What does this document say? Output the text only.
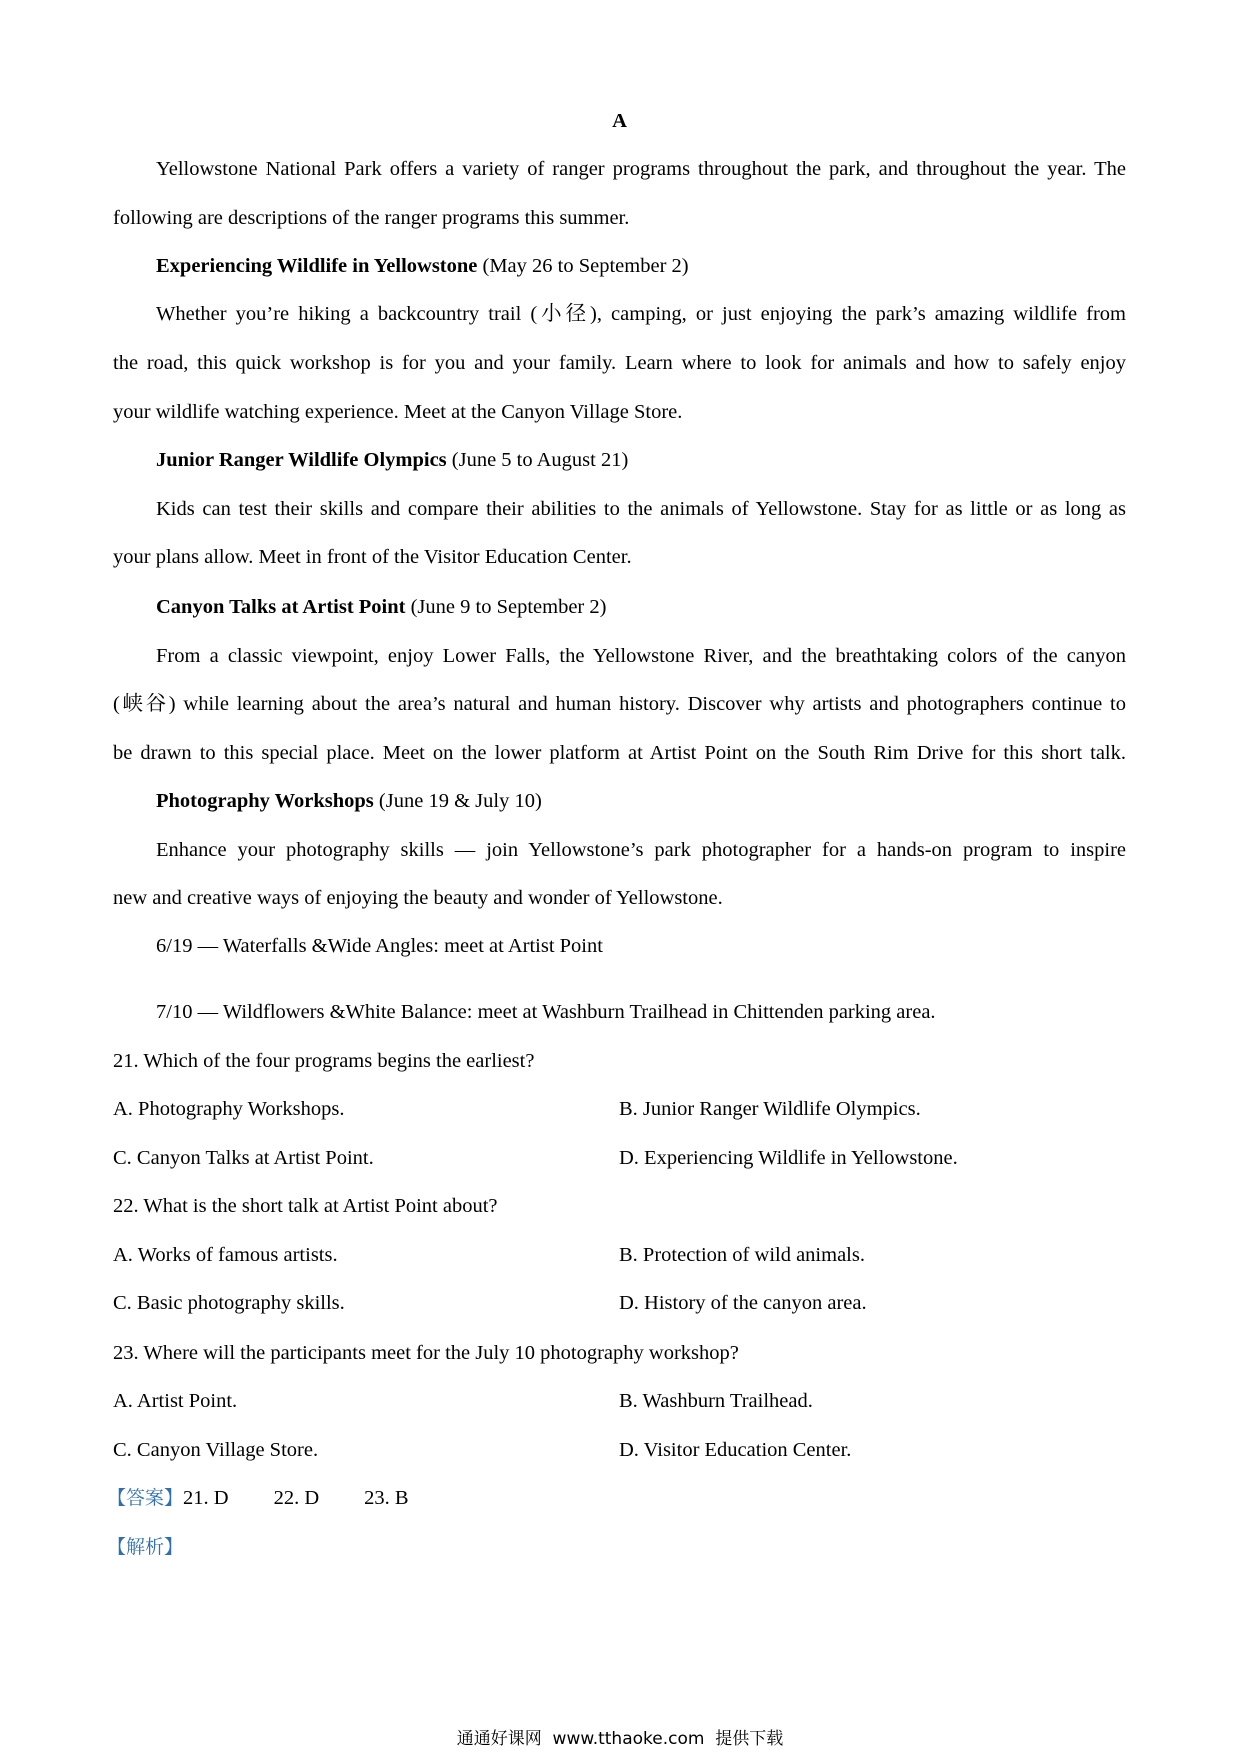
A
Yellowstone National Park offers a variety of ranger programs throughout the park, and throughout the year. The
following are descriptions of the ranger programs this summer.
Experiencing Wildlife in Yellowstone (May 26 to September 2)
Whether you’re hiking a backcountry trail (小径), camping, or just enjoying the park’s amazing wildlife from
the road, this quick workshop is for you and your family. Learn where to look for animals and how to safely enjoy
your wildlife watching experience. Meet at the Canyon Village Store.
Junior Ranger Wildlife Olympics (June 5 to August 21)
Kids can test their skills and compare their abilities to the animals of Yellowstone. Stay for as little or as long as
your plans allow. Meet in front of the Visitor Education Center.
Canyon Talks at Artist Point (June 9 to September 2)
From a classic viewpoint, enjoy Lower Falls, the Yellowstone River, and the breathtaking colors of the canyon
(峡谷) while learning about the area’s natural and human history. Discover why artists and photographers continue to
be drawn to this special place. Meet on the lower platform at Artist Point on the South Rim Drive for this short talk.
Photography Workshops (June 19 & July 10)
Enhance your photography skills — join Yellowstone’s park photographer for a hands-on program to inspire
new and creative ways of enjoying the beauty and wonder of Yellowstone.
6/19 — Waterfalls &Wide Angles: meet at Artist Point
7/10 — Wildflowers &White Balance: meet at Washburn Trailhead in Chittenden parking area.
21. Which of the four programs begins the earliest?
A. Photography Workshops.	B. Junior Ranger Wildlife Olympics.
C. Canyon Talks at Artist Point.	D. Experiencing Wildlife in Yellowstone.
22. What is the short talk at Artist Point about?
A. Works of famous artists.	B. Protection of wild animals.
C. Basic photography skills.	D. History of the canyon area.
23. Where will the participants meet for the July 10 photography workshop?
A. Artist Point.	B. Washburn Trailhead.
C. Canyon Village Store.	D. Visitor Education Center.
【答案】21. D 22. D 23. B
【解析】
通通好课网  www.tthaoke.com  提供下载
